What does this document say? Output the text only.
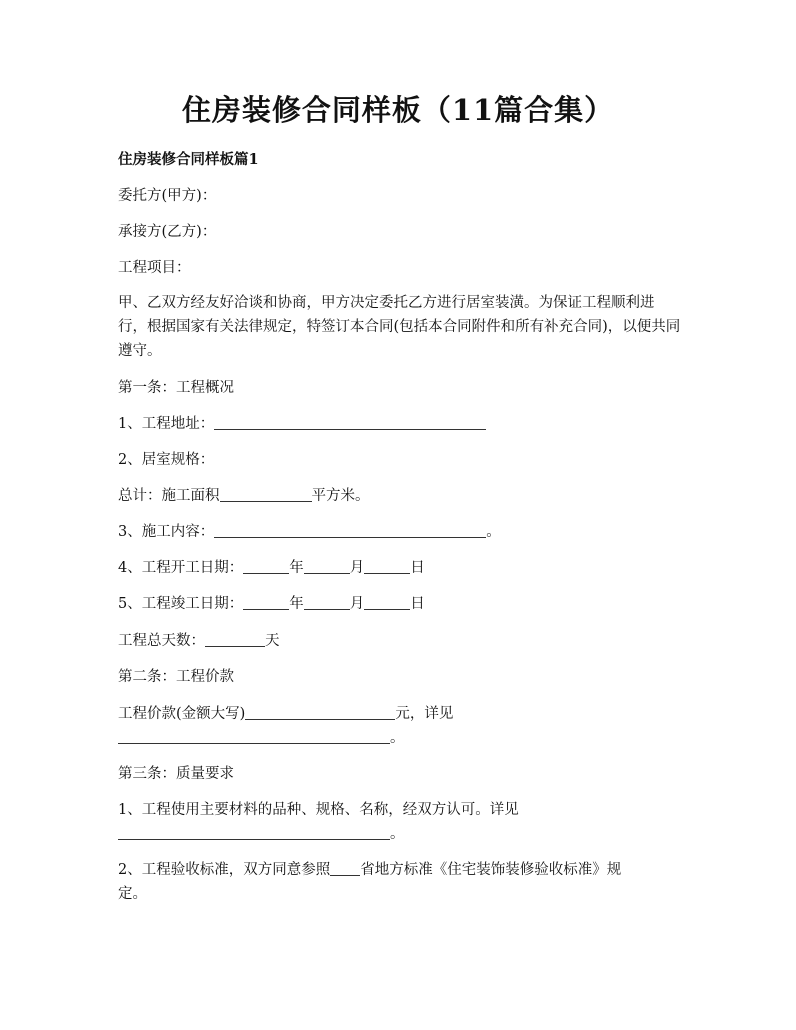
住房装修合同样板（11篇合集）
住房装修合同样板篇1
委托方(甲方)：
承接方(乙方)：
工程项目：
甲、乙双方经友好洽谈和协商，甲方决定委托乙方进行居室装潢。为保证工程顺利进行，根据国家有关法律规定，特签订本合同(包括本合同附件和所有补充合同)，以便共同遵守。
第一条：工程概况
1、工程地址：
2、居室规格：
总计：施工面积	平方米。
3、施工内容：	。
4、工程开工日期：	年	月	日
5、工程竣工日期：	年	月	日
工程总天数：	天
第二条：工程价款
工程价款(金额大写)	元，详见
。
第三条：质量要求
1、工程使用主要材料的品种、规格、名称，经双方认可。详见
。
2、工程验收标准，双方同意参照 省地方标准《住宅装饰装修验收标准》规
定。
